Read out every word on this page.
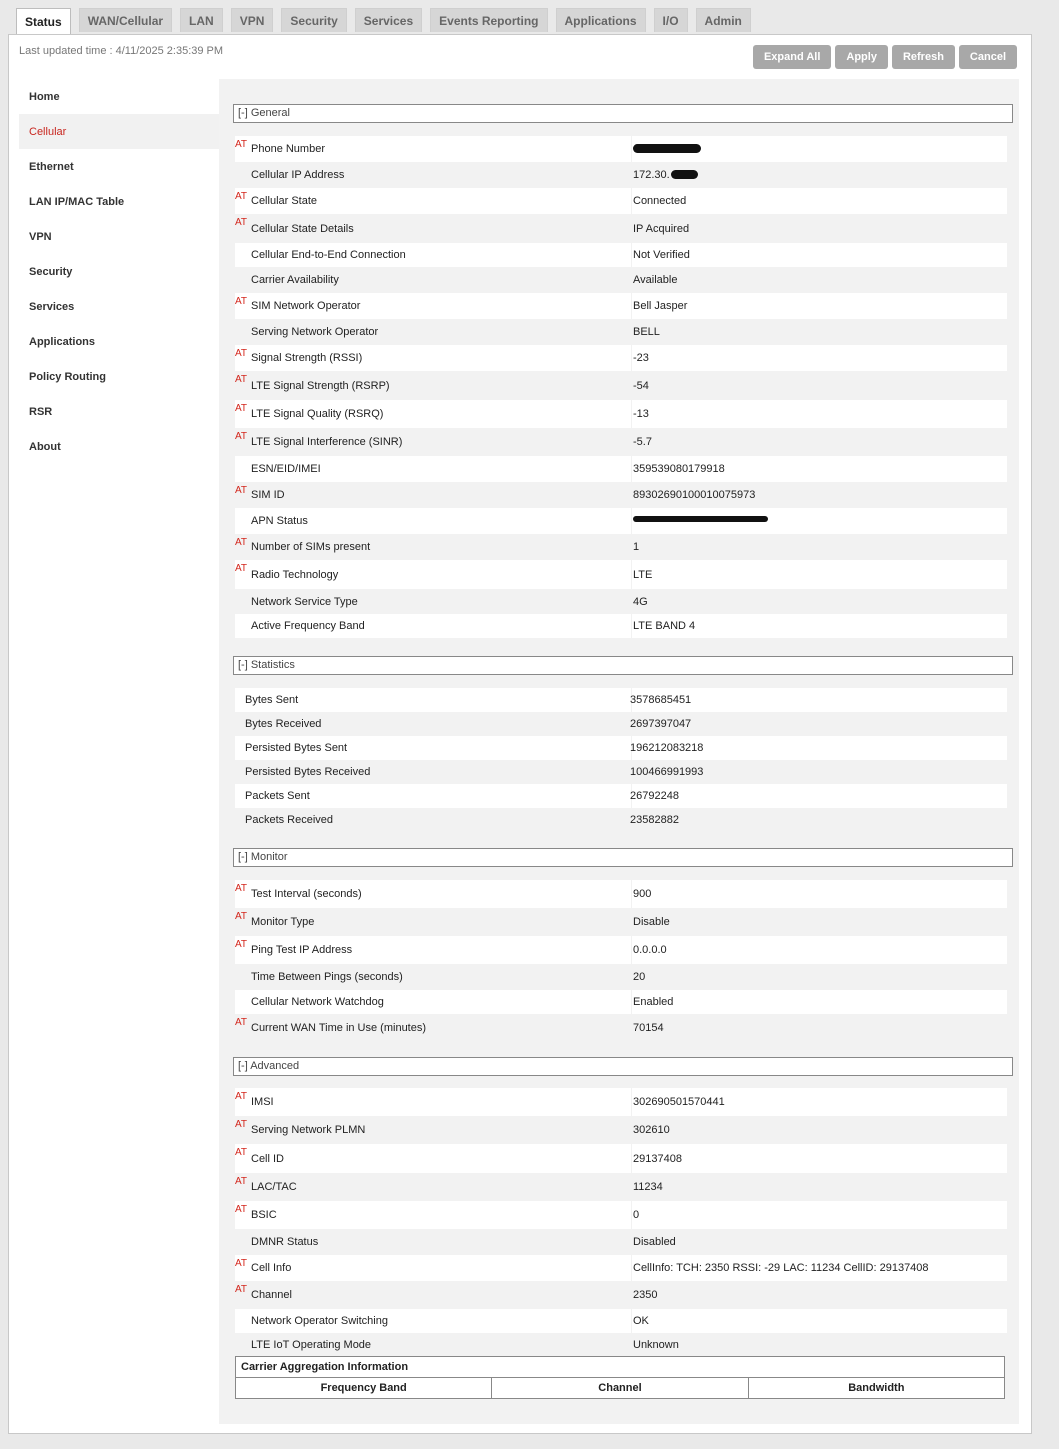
Status	WAN/Cellular	LAN	VPN	Security	Services	Events Reporting	Applications	I/O	Admin
Last updated time : 4/11/2025 2:35:39 PM	Expand All	Apply	Refresh	Cancel
Home
Cellular
Ethernet
LAN IP/MAC Table
VPN
Security
Services
Applications
Policy Routing
RSR
About
[-] General
AT Phone Number
Cellular IP Address	172.30.
AT Cellular State	Connected
AT Cellular State Details	IP Acquired
Cellular End-to-End Connection	Not Verified
Carrier Availability	Available
AT SIM Network Operator	Bell Jasper
Serving Network Operator	BELL
AT Signal Strength (RSSI)	-23
AT LTE Signal Strength (RSRP)	-54
AT LTE Signal Quality (RSRQ)	-13
AT LTE Signal Interference (SINR)	-5.7
ESN/EID/IMEI	359539080179918
AT SIM ID	89302690100010075973
APN Status
AT Number of SIMs present	1
AT Radio Technology	LTE
Network Service Type	4G
Active Frequency Band	LTE BAND 4
[-] Statistics
Bytes Sent	3578685451
Bytes Received	2697397047
Persisted Bytes Sent	196212083218
Persisted Bytes Received	100466991993
Packets Sent	26792248
Packets Received	23582882
[-] Monitor
AT Test Interval (seconds)	900
AT Monitor Type	Disable
AT Ping Test IP Address	0.0.0.0
Time Between Pings (seconds)	20
Cellular Network Watchdog	Enabled
AT Current WAN Time in Use (minutes)	70154
[-] Advanced
AT IMSI	302690501570441
AT Serving Network PLMN	302610
AT Cell ID	29137408
AT LAC/TAC	11234
AT BSIC	0
DMNR Status	Disabled
AT Cell Info	CellInfo: TCH: 2350 RSSI: -29 LAC: 11234 CellID: 29137408
AT Channel	2350
Network Operator Switching	OK
LTE IoT Operating Mode	Unknown
Carrier Aggregation Information
Frequency Band	Channel	Bandwidth
